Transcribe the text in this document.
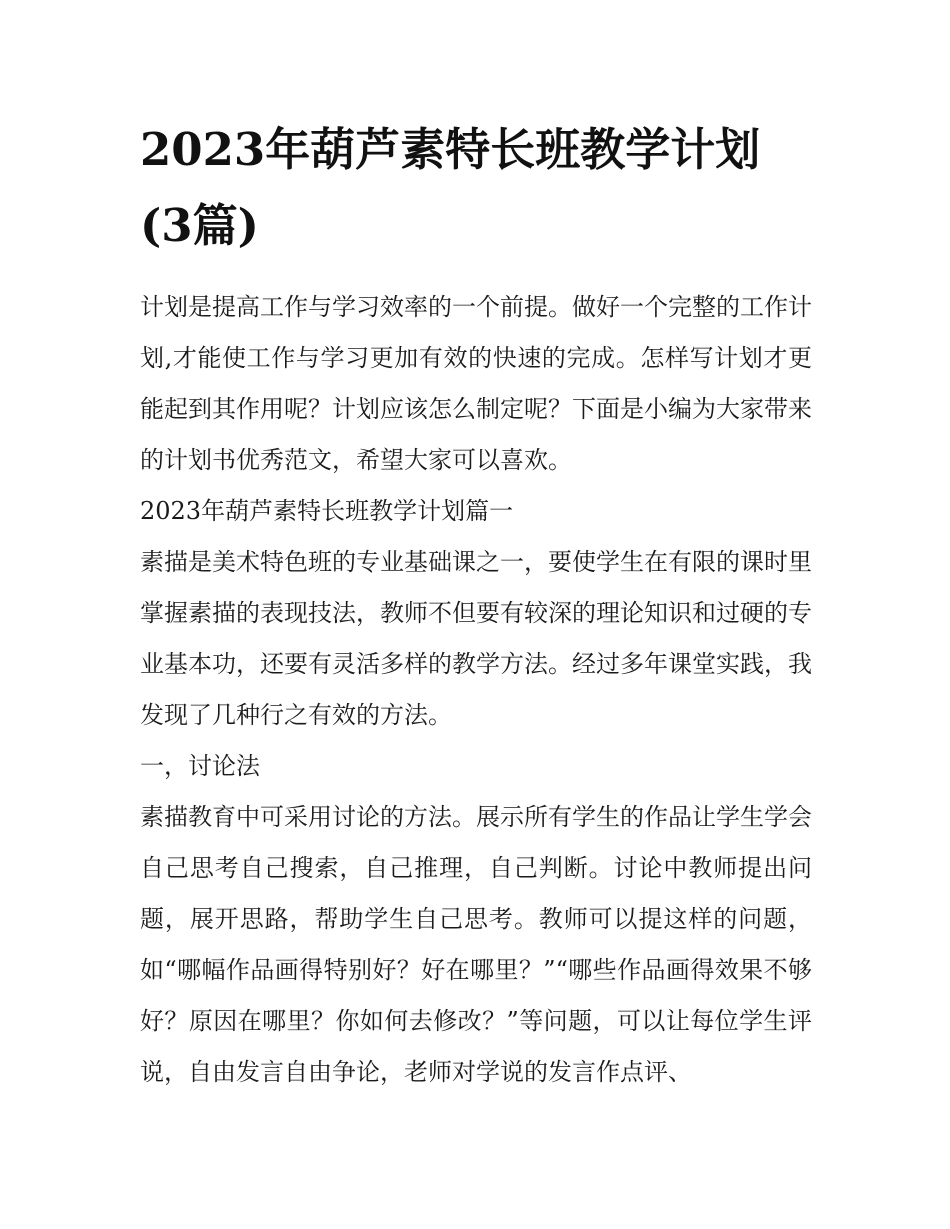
2023年葫芦素特长班教学计划(3篇)

计划是提高工作与学习效率的一个前提。做好一个完整的工作计划,才能使工作与学习更加有效的快速的完成。怎样写计划才更能起到其作用呢？计划应该怎么制定呢？下面是小编为大家带来的计划书优秀范文，希望大家可以喜欢。

2023年葫芦素特长班教学计划篇一

素描是美术特色班的专业基础课之一，要使学生在有限的课时里掌握素描的表现技法，教师不但要有较深的理论知识和过硬的专业基本功，还要有灵活多样的教学方法。经过多年课堂实践，我发现了几种行之有效的方法。

一，讨论法

素描教育中可采用讨论的方法。展示所有学生的作品让学生学会自己思考自己搜索，自己推理，自己判断。讨论中教师提出问题，展开思路，帮助学生自己思考。教师可以提这样的问题，如“哪幅作品画得特别好？好在哪里？”“哪些作品画得效果不够好？原因在哪里？你如何去修改？”等问题，可以让每位学生评说，自由发言自由争论，老师对学说的发言作点评、
